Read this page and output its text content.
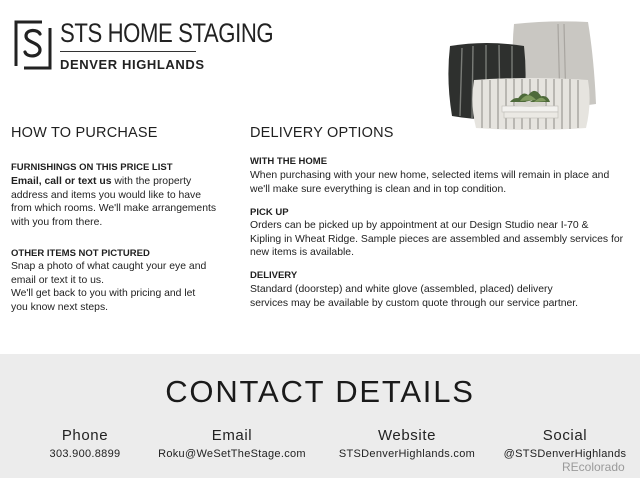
STS HOME STAGING
DENVER HIGHLANDS
HOW TO PURCHASE
FURNISHINGS ON THIS PRICE LIST
Email, call or text us with the property
address and items you would like to have
from which rooms. We'll make arrangements
with you from there.
OTHER ITEMS NOT PICTURED
Snap a photo of what caught your eye and
email or text it to us.
We'll get back to you with pricing and let
you know next steps.
DELIVERY OPTIONS
WITH THE HOME
When purchasing with your new home, selected items will remain in place and
we'll make sure everything is clean and in top condition.
PICK UP
Orders can be picked up by appointment at our Design Studio near I-70 &
Kipling in Wheat Ridge. Sample pieces are assembled and assembly services for
new items is available.
DELIVERY
Standard (doorstep) and white glove (assembled, placed) delivery
services may be available by custom quote through our service partner.
CONTACT DETAILS
Phone
303.900.8899
Email
Roku@WeSetTheStage.com
Website
STSDenverHighlands.com
Social
@STSDenverHighlands
REcolorado
